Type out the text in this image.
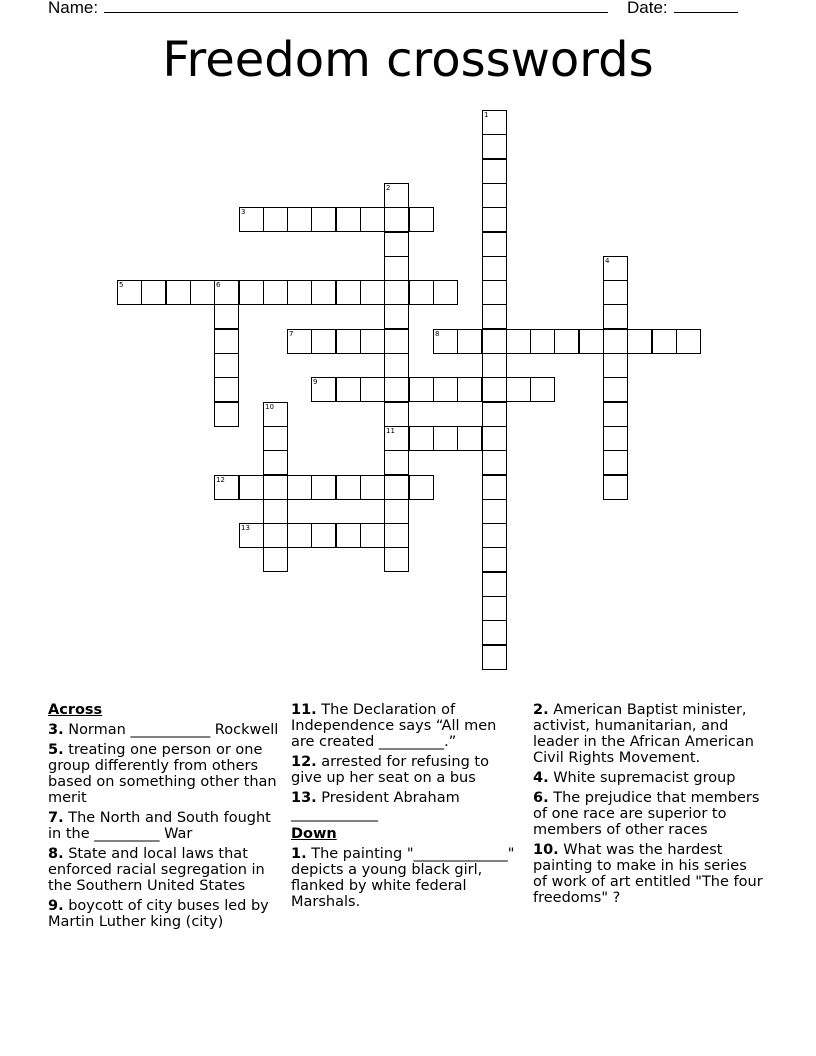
Name:	Date:
Freedom crosswords
1
2
11
3
4
5	6
7	8
9
10
12
13
Across
3. Norman ___________ Rockwell
5. treating one person or one group differently from others based on something other than merit
7. The North and South fought in the _________ War
8. State and local laws that enforced racial segregation in the Southern United States
9. boycott of city buses led by Martin Luther king (city)
11. The Declaration of Independence says “All men are created _________.”
12. arrested for refusing to give up her seat on a bus
13. President Abraham ____________
Down
1. The painting "_____________" depicts a young black girl, flanked by white federal Marshals.
2. American Baptist minister, activist, humanitarian, and leader in the African American Civil Rights Movement.
4. White supremacist group
6. The prejudice that members of one race are superior to members of other races
10. What was the hardest painting to make in his series of work of art entitled "The four freedoms" ?
